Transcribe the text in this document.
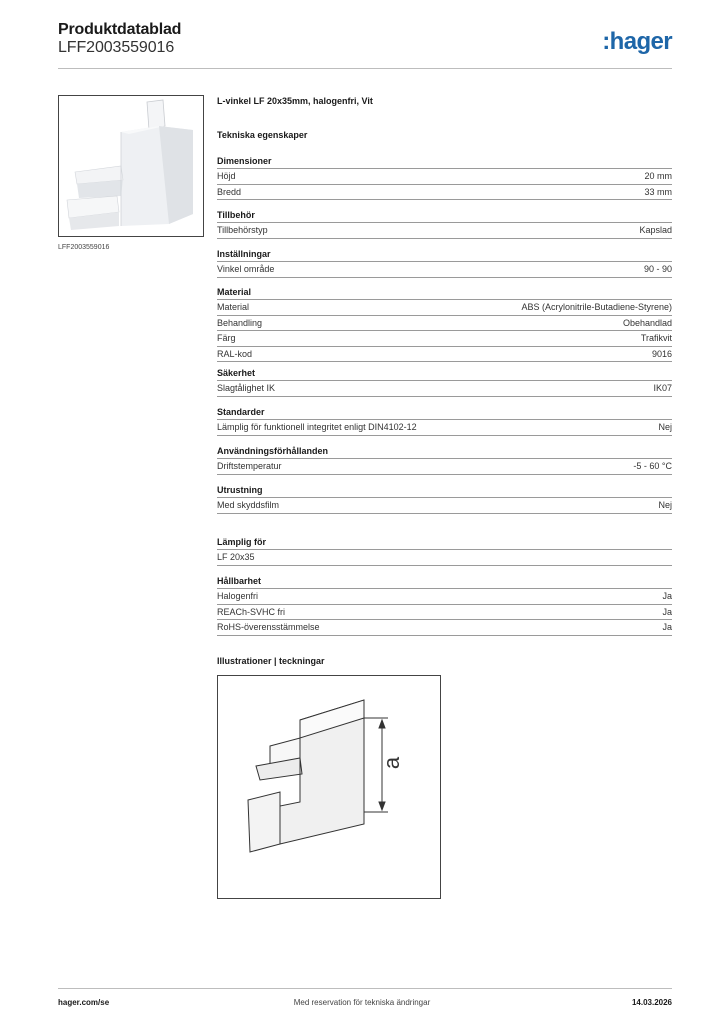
Produktdatablad
LFF2003559016	:hager
LFF2003559016
L-vinkel LF 20x35mm, halogenfri, Vit
Tekniska egenskaper
Dimensioner
Höjd	20 mm
Bredd	33 mm
Tillbehör
Tillbehörstyp	Kapslad
Inställningar
Vinkel område	90 - 90
Material
Material	ABS (Acrylonitrile-Butadiene-Styrene)
Behandling	Obehandlad
Färg	Trafikvit
RAL-kod	9016
Säkerhet
Slagtålighet IK	IK07
Standarder
Lämplig för funktionell integritet enligt DIN4102-12	Nej
Användningsförhållanden
Driftstemperatur	-5 - 60 °C
Utrustning
Med skyddsfilm	Nej
Lämplig för
LF 20x35
Hållbarhet
Halogenfri	Ja
REACh-SVHC fri	Ja
RoHS-överensstämmelse	Ja
Illustrationer | teckningar
a
hager.com/se	Med reservation för tekniska ändringar	14.03.2026
